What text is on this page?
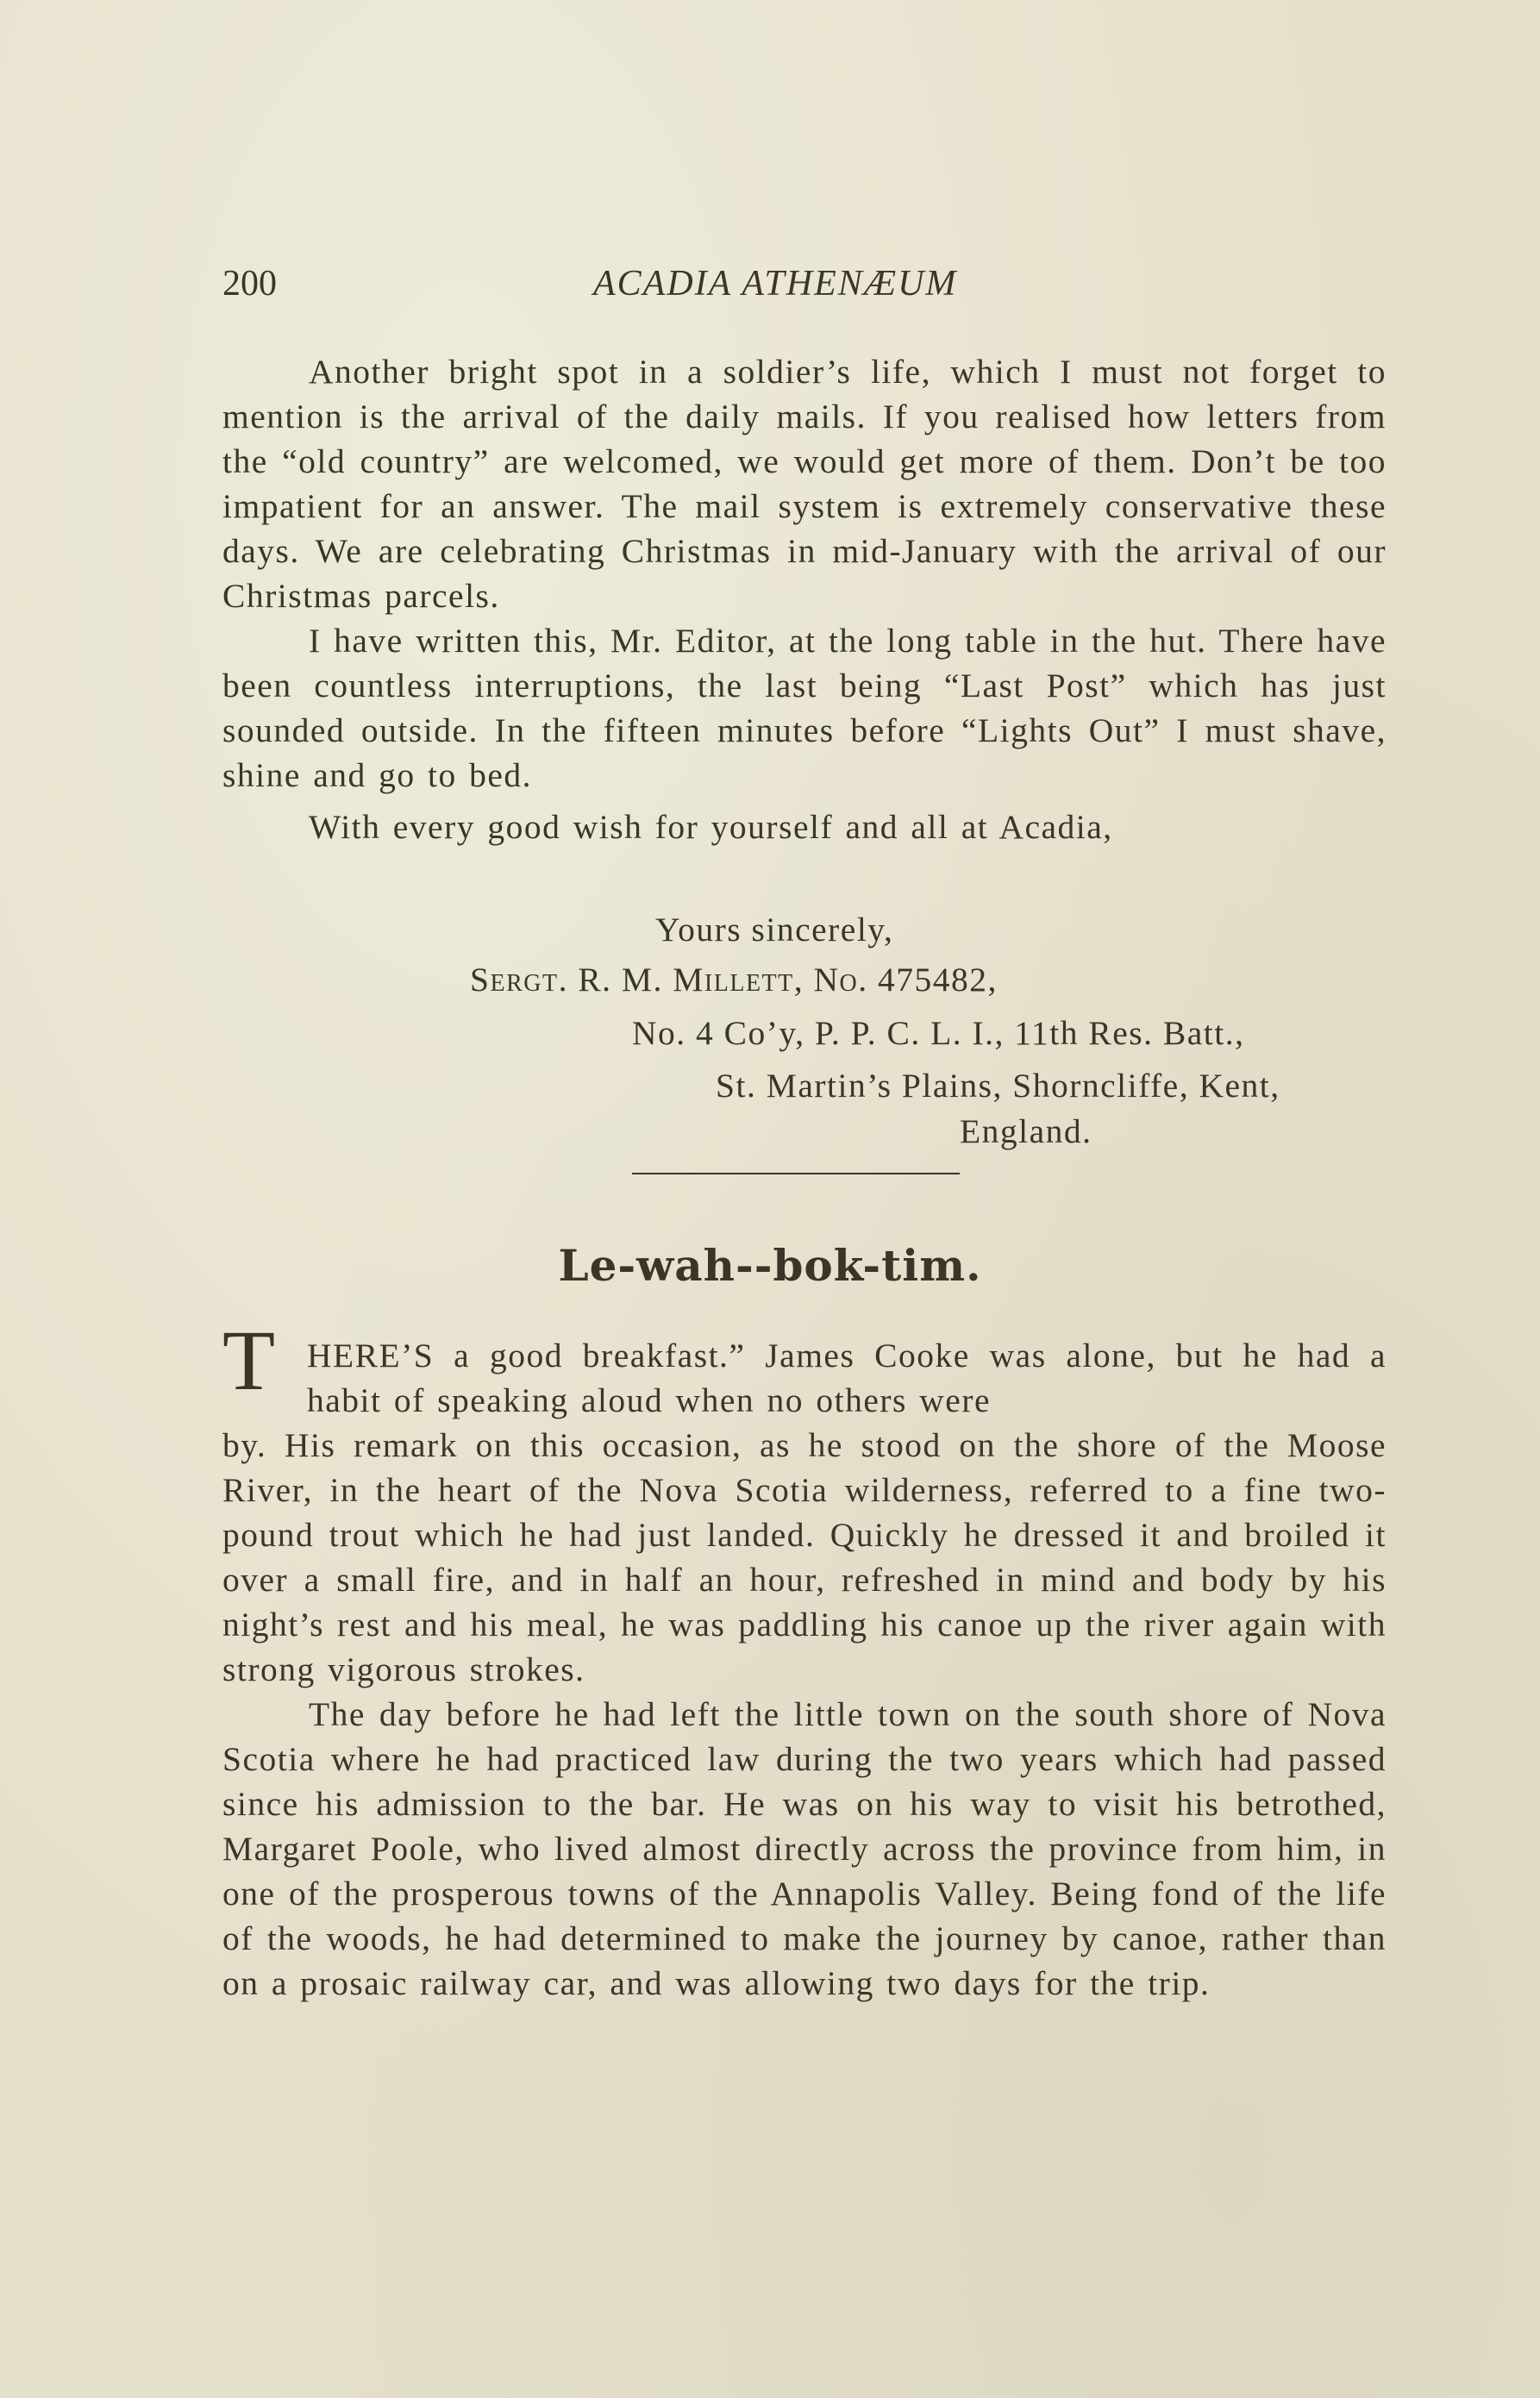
200	ACADIA ATHENÆUM

Another bright spot in a soldier’s life, which I must not forget to mention is the arrival of the daily mails. If you realised how letters from the “old country” are welcomed, we would get more of them. Don’t be too impatient for an answer. The mail system is extremely conservative these days. We are celebrating Christmas in mid-January with the arrival of our Christmas parcels.

I have written this, Mr. Editor, at the long table in the hut. There have been countless interruptions, the last being “Last Post” which has just sounded outside. In the fifteen minutes before “Lights Out” I must shave, shine and go to bed.

With every good wish for yourself and all at Acadia,

Yours sincerely,
Sergt. R. M. Millett, No. 475482,
No. 4 Co’y, P. P. C. L. I., 11th Res. Batt.,
St. Martin’s Plains, Shorncliffe, Kent,
England.
Le-wah--bok-tim.
T HERE’S a good breakfast.” James Cooke was alone, but he had a habit of speaking aloud when no others were

by. His remark on this occasion, as he stood on the shore of the Moose River, in the heart of the Nova Scotia wilderness, referred to a fine two-pound trout which he had just landed. Quickly he dressed it and broiled it over a small fire, and in half an hour, refreshed in mind and body by his night’s rest and his meal, he was paddling his canoe up the river again with strong vigorous strokes.

The day before he had left the little town on the south shore of Nova Scotia where he had practiced law during the two years which had passed since his admission to the bar. He was on his way to visit his betrothed, Margaret Poole, who lived almost directly across the province from him, in one of the prosperous towns of the Annapolis Valley. Being fond of the life of the woods, he had determined to make the journey by canoe, rather than on a prosaic railway car, and was allowing two days for the trip.
